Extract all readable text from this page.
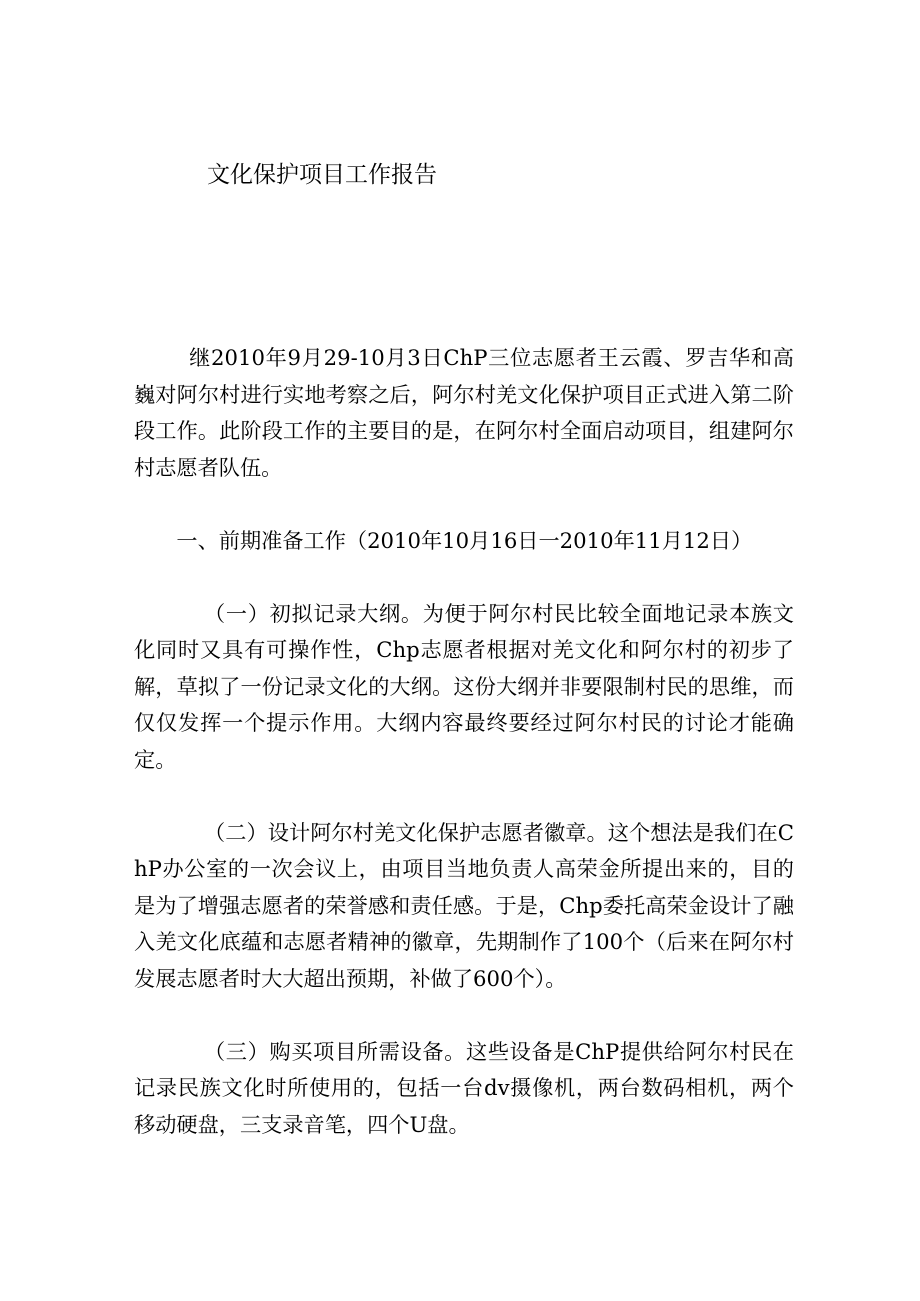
文化保护项目工作报告

继2010年9月29-10月3日ChP三位志愿者王云霞、罗吉华和高巍对阿尔村进行实地考察之后，阿尔村羌文化保护项目正式进入第二阶段工作。此阶段工作的主要目的是，在阿尔村全面启动项目，组建阿尔村志愿者队伍。

一、前期准备工作（2010年10月16日一2010年11月12日）

（一）初拟记录大纲。为便于阿尔村民比较全面地记录本族文化同时又具有可操作性，Chp志愿者根据对羌文化和阿尔村的初步了解，草拟了一份记录文化的大纲。这份大纲并非要限制村民的思维，而仅仅发挥一个提示作用。大纲内容最终要经过阿尔村民的讨论才能确定。

（二）设计阿尔村羌文化保护志愿者徽章。这个想法是我们在ChP办公室的一次会议上，由项目当地负责人高荣金所提出来的，目的是为了增强志愿者的荣誉感和责任感。于是，Chp委托高荣金设计了融入羌文化底蕴和志愿者精神的徽章，先期制作了100个（后来在阿尔村发展志愿者时大大超出预期，补做了600个）。

（三）购买项目所需设备。这些设备是ChP提供给阿尔村民在记录民族文化时所使用的，包括一台dv摄像机，两台数码相机，两个移动硬盘，三支录音笔，四个U盘。
